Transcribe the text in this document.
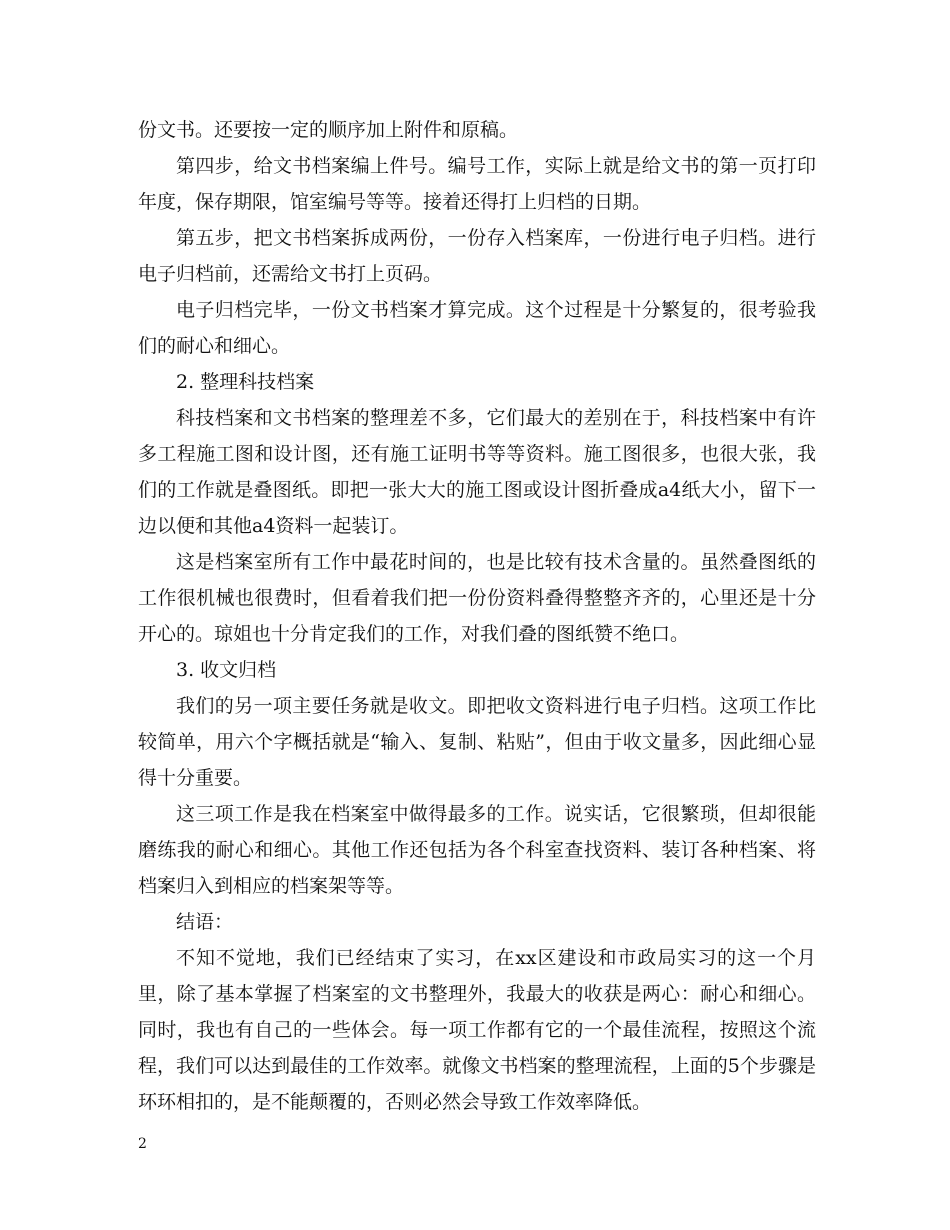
份文书。还要按一定的顺序加上附件和原稿。

第四步，给文书档案编上件号。编号工作，实际上就是给文书的第一页打印年度，保存期限，馆室编号等等。接着还得打上归档的日期。

第五步，把文书档案拆成两份，一份存入档案库，一份进行电子归档。进行电子归档前，还需给文书打上页码。

电子归档完毕，一份文书档案才算完成。这个过程是十分繁复的，很考验我们的耐心和细心。

2. 整理科技档案

科技档案和文书档案的整理差不多，它们最大的差别在于，科技档案中有许多工程施工图和设计图，还有施工证明书等等资料。施工图很多，也很大张，我们的工作就是叠图纸。即把一张大大的施工图或设计图折叠成a4纸大小，留下一边以便和其他a4资料一起装订。

这是档案室所有工作中最花时间的，也是比较有技术含量的。虽然叠图纸的工作很机械也很费时，但看着我们把一份份资料叠得整整齐齐的，心里还是十分开心的。琼姐也十分肯定我们的工作，对我们叠的图纸赞不绝口。

3. 收文归档

我们的另一项主要任务就是收文。即把收文资料进行电子归档。这项工作比较简单，用六个字概括就是“输入、复制、粘贴”，但由于收文量多，因此细心显得十分重要。

这三项工作是我在档案室中做得最多的工作。说实话，它很繁琐，但却很能磨练我的耐心和细心。其他工作还包括为各个科室查找资料、装订各种档案、将档案归入到相应的档案架等等。

结语：

不知不觉地，我们已经结束了实习，在xx区建设和市政局实习的这一个月里，除了基本掌握了档案室的文书整理外，我最大的收获是两心：耐心和细心。同时，我也有自己的一些体会。每一项工作都有它的一个最佳流程，按照这个流程，我们可以达到最佳的工作效率。就像文书档案的整理流程，上面的5个步骤是环环相扣的，是不能颠覆的，否则必然会导致工作效率降低。

2
